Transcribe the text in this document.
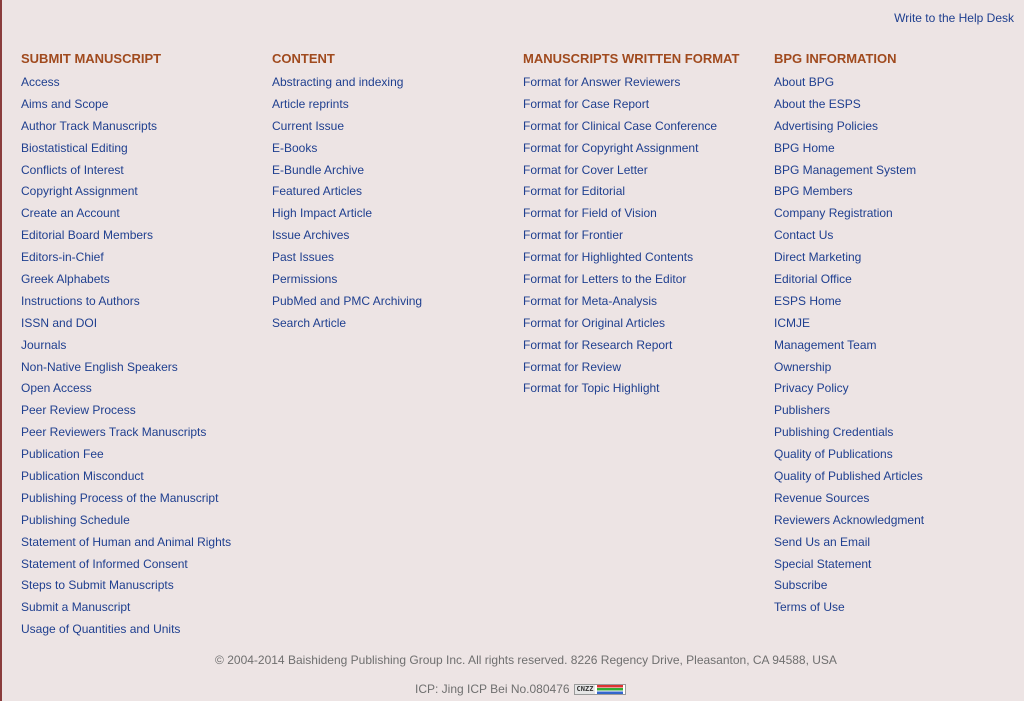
Write to the Help Desk
SUBMIT MANUSCRIPT
Access
Aims and Scope
Author Track Manuscripts
Biostatistical Editing
Conflicts of Interest
Copyright Assignment
Create an Account
Editorial Board Members
Editors-in-Chief
Greek Alphabets
Instructions to Authors
ISSN and DOI
Journals
Non-Native English Speakers
Open Access
Peer Review Process
Peer Reviewers Track Manuscripts
Publication Fee
Publication Misconduct
Publishing Process of the Manuscript
Publishing Schedule
Statement of Human and Animal Rights
Statement of Informed Consent
Steps to Submit Manuscripts
Submit a Manuscript
Usage of Quantities and Units
CONTENT
Abstracting and indexing
Article reprints
Current Issue
E-Books
E-Bundle Archive
Featured Articles
High Impact Article
Issue Archives
Past Issues
Permissions
PubMed and PMC Archiving
Search Article
MANUSCRIPTS WRITTEN FORMAT
Format for Answer Reviewers
Format for Case Report
Format for Clinical Case Conference
Format for Copyright Assignment
Format for Cover Letter
Format for Editorial
Format for Field of Vision
Format for Frontier
Format for Highlighted Contents
Format for Letters to the Editor
Format for Meta-Analysis
Format for Original Articles
Format for Research Report
Format for Review
Format for Topic Highlight
BPG INFORMATION
About BPG
About the ESPS
Advertising Policies
BPG Home
BPG Management System
BPG Members
Company Registration
Contact Us
Direct Marketing
Editorial Office
ESPS Home
ICMJE
Management Team
Ownership
Privacy Policy
Publishers
Publishing Credentials
Quality of Publications
Quality of Published Articles
Revenue Sources
Reviewers Acknowledgment
Send Us an Email
Special Statement
Subscribe
Terms of Use
© 2004-2014 Baishideng Publishing Group Inc. All rights reserved. 8226 Regency Drive, Pleasanton, CA 94588, USA
ICP: Jing ICP Bei No.080476 CNZZ
